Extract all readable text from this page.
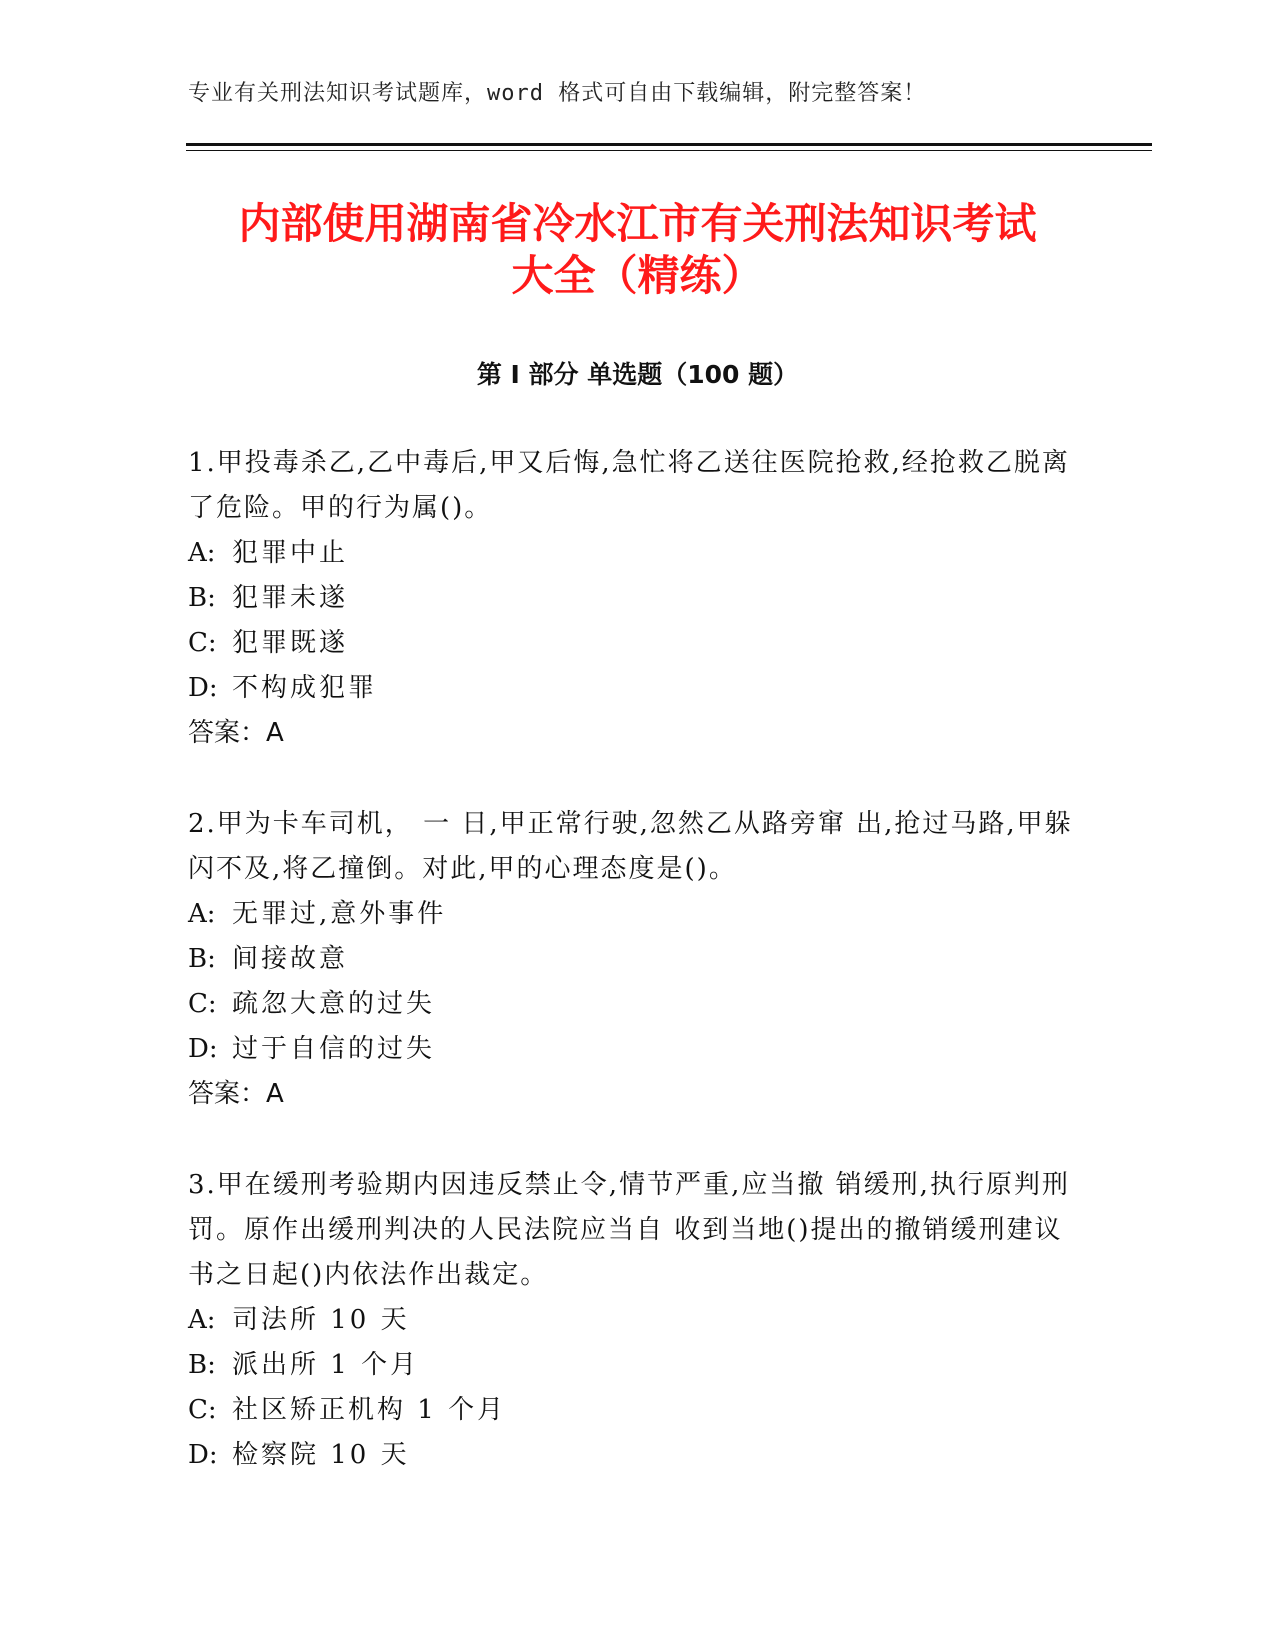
专业有关刑法知识考试题库，word 格式可自由下载编辑，附完整答案！
内部使用湖南省冷水江市有关刑法知识考试
大全（精练）
第 I 部分 单选题（100 题）
1.甲投毒杀乙,乙中毒后,甲又后悔,急忙将乙送往医院抢救,经抢救乙脱离了危险。甲的行为属()。
A: 犯罪中止
B: 犯罪未遂
C: 犯罪既遂
D: 不构成犯罪
答案：A
2.甲为卡车司机， 一 日,甲正常行驶,忽然乙从路旁窜 出,抢过马路,甲躲闪不及,将乙撞倒。对此,甲的心理态度是()。
A: 无罪过,意外事件
B: 间接故意
C: 疏忽大意的过失
D: 过于自信的过失
答案：A
3.甲在缓刑考验期内因违反禁止令,情节严重,应当撤 销缓刑,执行原判刑罚。原作出缓刑判决的人民法院应当自 收到当地()提出的撤销缓刑建议书之日起()内依法作出裁定。
A: 司法所 10 天
B: 派出所 1 个月
C: 社区矫正机构 1 个月
D: 检察院 10 天
